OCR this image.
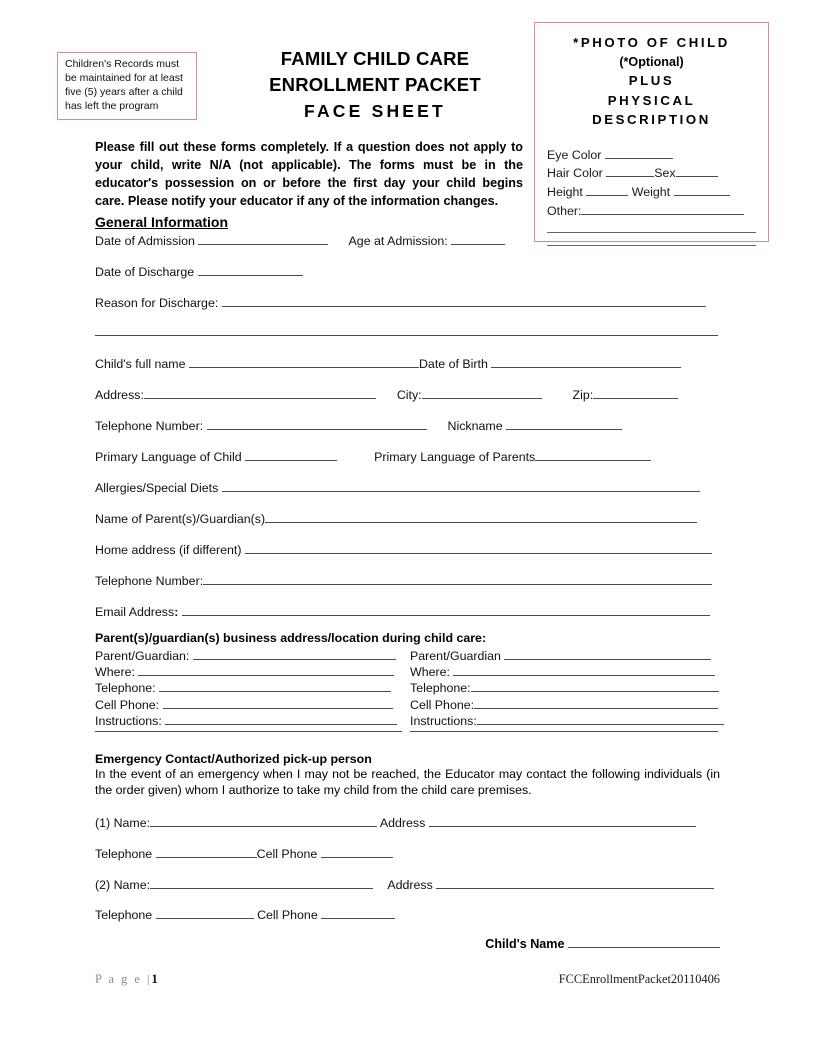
Children's Records must be maintained for at least five (5) years after a child has left the program
FAMILY CHILD CARE
ENROLLMENT PACKET
FACE SHEET
*PHOTO OF CHILD
(*Optional)
PLUS
PHYSICAL
DESCRIPTION
Eye Color
Hair Color	Sex
Height	Weight
Other:
Please fill out these forms completely. If a question does not apply to your child, write N/A (not applicable). The forms must be in the educator's possession on or before the first day your child begins care. Please notify your educator if any of the information changes.
General Information
Date of Admission	Age at Admission:
Date of Discharge
Reason for Discharge:
Child's full name	Date of Birth
Address:	City:	Zip:
Telephone Number:	Nickname
Primary Language of Child	Primary Language of Parents
Allergies/Special Diets
Name of Parent(s)/Guardian(s)
Home address (if different)
Telephone Number:
Email Address:
Parent(s)/guardian(s) business address/location during child care:
Parent/Guardian:
Where:
Telephone:
Cell Phone:
Instructions:
Parent/Guardian
Where:
Telephone:
Cell Phone:
Instructions:
Emergency Contact/Authorized pick-up person
In the event of an emergency when I may not be reached, the Educator may contact the following individuals (in the order given) whom I authorize to take my child from the child care premises.
(1) Name:	Address
Telephone	Cell Phone
(2) Name:	Address
Telephone	Cell Phone
Child's Name
P a g e |1	FCCEnrollmentPacket20110406
